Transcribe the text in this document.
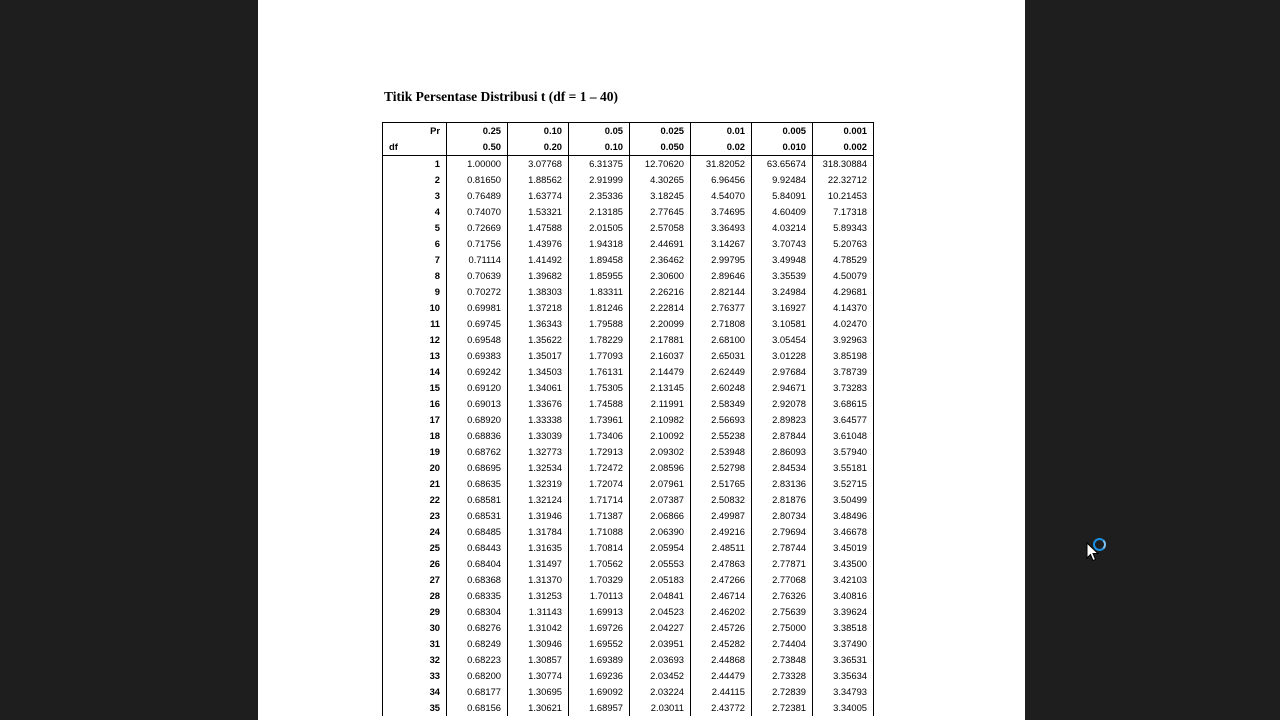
Titik Persentase Distribusi t (df = 1 – 40)
Pr	0.25	0.10	0.05	0.025	0.01	0.005	0.001
df	0.50	0.20	0.10	0.050	0.02	0.010	0.002
1	1.00000	3.07768	6.31375	12.70620	31.82052	63.65674	318.30884
2	0.81650	1.88562	2.91999	4.30265	6.96456	9.92484	22.32712
3	0.76489	1.63774	2.35336	3.18245	4.54070	5.84091	10.21453
4	0.74070	1.53321	2.13185	2.77645	3.74695	4.60409	7.17318
5	0.72669	1.47588	2.01505	2.57058	3.36493	4.03214	5.89343
6	0.71756	1.43976	1.94318	2.44691	3.14267	3.70743	5.20763
7	0.71114	1.41492	1.89458	2.36462	2.99795	3.49948	4.78529
8	0.70639	1.39682	1.85955	2.30600	2.89646	3.35539	4.50079
9	0.70272	1.38303	1.83311	2.26216	2.82144	3.24984	4.29681
10	0.69981	1.37218	1.81246	2.22814	2.76377	3.16927	4.14370
11	0.69745	1.36343	1.79588	2.20099	2.71808	3.10581	4.02470
12	0.69548	1.35622	1.78229	2.17881	2.68100	3.05454	3.92963
13	0.69383	1.35017	1.77093	2.16037	2.65031	3.01228	3.85198
14	0.69242	1.34503	1.76131	2.14479	2.62449	2.97684	3.78739
15	0.69120	1.34061	1.75305	2.13145	2.60248	2.94671	3.73283
16	0.69013	1.33676	1.74588	2.11991	2.58349	2.92078	3.68615
17	0.68920	1.33338	1.73961	2.10982	2.56693	2.89823	3.64577
18	0.68836	1.33039	1.73406	2.10092	2.55238	2.87844	3.61048
19	0.68762	1.32773	1.72913	2.09302	2.53948	2.86093	3.57940
20	0.68695	1.32534	1.72472	2.08596	2.52798	2.84534	3.55181
21	0.68635	1.32319	1.72074	2.07961	2.51765	2.83136	3.52715
22	0.68581	1.32124	1.71714	2.07387	2.50832	2.81876	3.50499
23	0.68531	1.31946	1.71387	2.06866	2.49987	2.80734	3.48496
24	0.68485	1.31784	1.71088	2.06390	2.49216	2.79694	3.46678
25	0.68443	1.31635	1.70814	2.05954	2.48511	2.78744	3.45019
26	0.68404	1.31497	1.70562	2.05553	2.47863	2.77871	3.43500
27	0.68368	1.31370	1.70329	2.05183	2.47266	2.77068	3.42103
28	0.68335	1.31253	1.70113	2.04841	2.46714	2.76326	3.40816
29	0.68304	1.31143	1.69913	2.04523	2.46202	2.75639	3.39624
30	0.68276	1.31042	1.69726	2.04227	2.45726	2.75000	3.38518
31	0.68249	1.30946	1.69552	2.03951	2.45282	2.74404	3.37490
32	0.68223	1.30857	1.69389	2.03693	2.44868	2.73848	3.36531
33	0.68200	1.30774	1.69236	2.03452	2.44479	2.73328	3.35634
34	0.68177	1.30695	1.69092	2.03224	2.44115	2.72839	3.34793
35	0.68156	1.30621	1.68957	2.03011	2.43772	2.72381	3.34005
